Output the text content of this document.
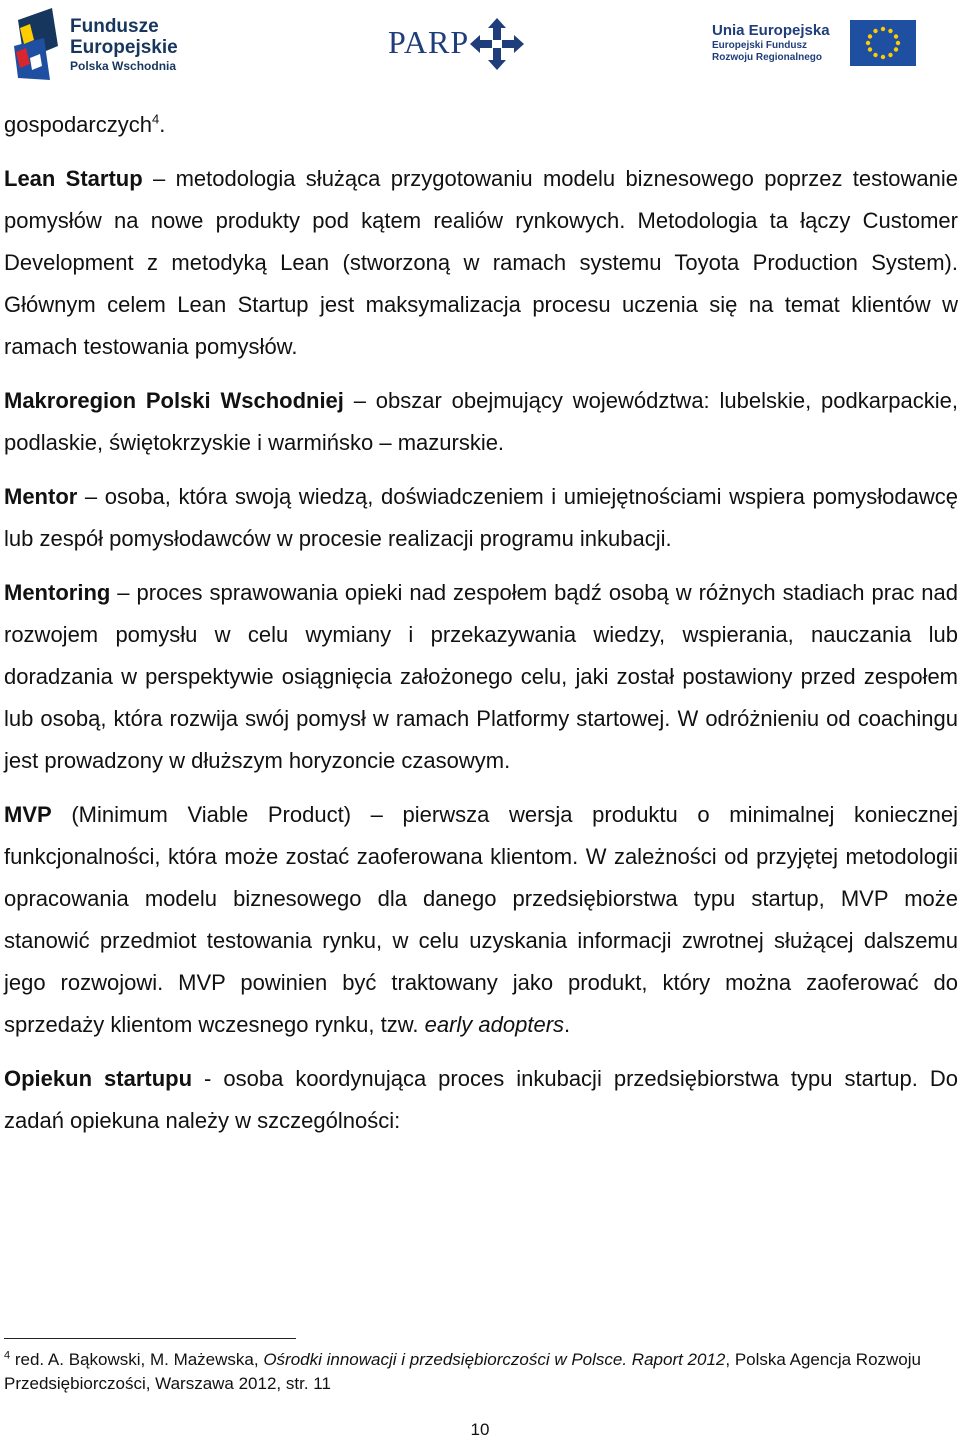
Fundusze
Europejskie
Polska Wschodnia
PARP	Unia Europejska
Europejski Fundusz
Rozwoju Regionalnego

gospodarczych$^4$.

Lean Startup – metodologia służąca przygotowaniu modelu biznesowego poprzez testowanie pomysłów na nowe produkty pod kątem realiów rynkowych. Metodologia ta łączy Customer Development z metodyką Lean (stworzoną w ramach systemu Toyota Production System). Głównym celem Lean Startup jest maksymalizacja procesu uczenia się na temat klientów w ramach testowania pomysłów.

Makroregion Polski Wschodniej – obszar obejmujący województwa: lubelskie, podkarpackie, podlaskie, świętokrzyskie i warmińsko – mazurskie.

Mentor – osoba, która swoją wiedzą, doświadczeniem i umiejętnościami wspiera pomysłodawcę lub zespół pomysłodawców w procesie realizacji programu inkubacji.

Mentoring – proces sprawowania opieki nad zespołem bądź osobą w różnych stadiach prac nad rozwojem pomysłu w celu wymiany i przekazywania wiedzy, wspierania, nauczania lub doradzania w perspektywie osiągnięcia założonego celu, jaki został postawiony przed zespołem lub osobą, która rozwija swój pomysł w ramach Platformy startowej. W odróżnieniu od coachingu jest prowadzony w dłuższym horyzoncie czasowym.

MVP (Minimum Viable Product) – pierwsza wersja produktu o minimalnej koniecznej funkcjonalności, która może zostać zaoferowana klientom. W zależności od przyjętej metodologii opracowania modelu biznesowego dla danego przedsiębiorstwa typu startup, MVP może stanowić przedmiot testowania rynku, w celu uzyskania informacji zwrotnej służącej dalszemu jego rozwojowi. MVP powinien być traktowany jako produkt, który można zaoferować do sprzedaży klientom wczesnego rynku, tzw. early adopters.

Opiekun startupu - osoba koordynująca proces inkubacji przedsiębiorstwa typu startup. Do zadań opiekuna należy w szczególności:

$^4$ red. A. Bąkowski, M. Mażewska, Ośrodki innowacji i przedsiębiorczości w Polsce. Raport 2012, Polska Agencja Rozwoju Przedsiębiorczości, Warszawa 2012, str. 11
10
